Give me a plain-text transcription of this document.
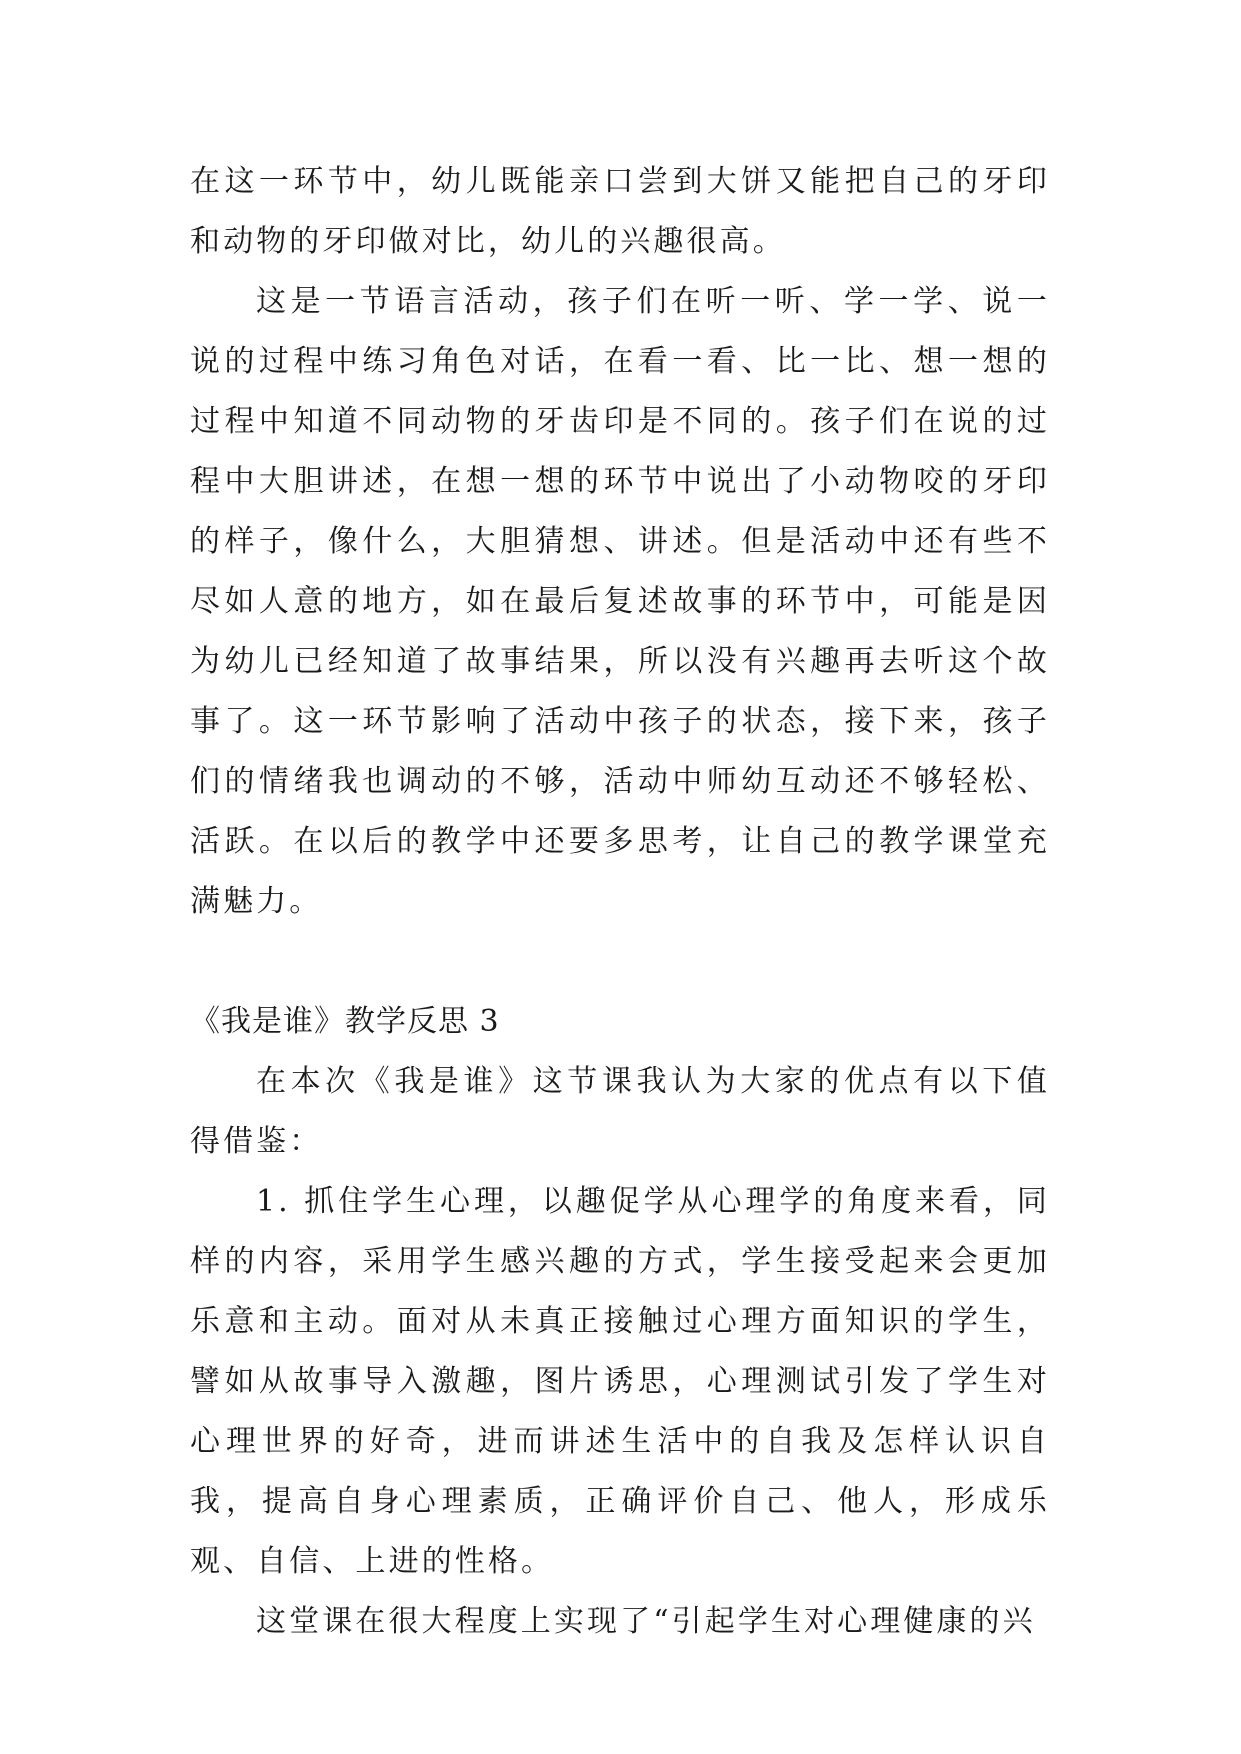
在这一环节中，幼儿既能亲口尝到大饼又能把自己的牙印和动物的牙印做对比，幼儿的兴趣很高。

这是一节语言活动，孩子们在听一听、学一学、说一说的过程中练习角色对话，在看一看、比一比、想一想的过程中知道不同动物的牙齿印是不同的。孩子们在说的过程中大胆讲述，在想一想的环节中说出了小动物咬的牙印的样子，像什么，大胆猜想、讲述。但是活动中还有些不尽如人意的地方，如在最后复述故事的环节中，可能是因为幼儿已经知道了故事结果，所以没有兴趣再去听这个故事了。这一环节影响了活动中孩子的状态，接下来，孩子们的情绪我也调动的不够，活动中师幼互动还不够轻松、活跃。在以后的教学中还要多思考，让自己的教学课堂充满魅力。

《我是谁》教学反思 3

在本次《我是谁》这节课我认为大家的优点有以下值得借鉴：

1. 抓住学生心理，以趣促学从心理学的角度来看，同样的内容，采用学生感兴趣的方式，学生接受起来会更加乐意和主动。面对从未真正接触过心理方面知识的学生，譬如从故事导入激趣，图片诱思，心理测试引发了学生对心理世界的好奇，进而讲述生活中的自我及怎样认识自我，提高自身心理素质，正确评价自己、他人，形成乐观、自信、上进的性格。

这堂课在很大程度上实现了“引起学生对心理健康的兴
